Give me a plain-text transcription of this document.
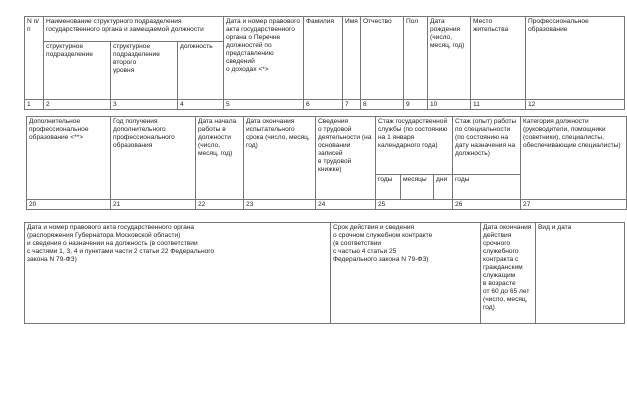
N п/п	Наименование структурного подразделения государственного органа и замещаемой должности			Дата и номер правового акта государственного органа о Перечне должностей по представлению сведений
о доходах <*>	Фамилия	Имя	Отчество	Пол	Дата рождения (число, месяц, год)	Место жительства	Профессиональное образование
	структурное подразделение	структурное подразделение второго
уровня	должность								
1	2	3	4	5	6	7	8	9	10	11	12
Дополнительное профессиональное образование <**>	Год получения дополнительного профессионального образования	Дата начала работы в должности (число, месяц, год)	Дата окончания испытательного срока (число, месяц, год)	Сведения
о трудовой деятельности (на основании записей
в трудовой книжке)	Стаж государственной службы (по состоянию на 1 января календарного года)			Стаж (опыт) работы по специальности (по состоянию на дату назначения на должность)	Категория должности (руководители, помощники (советники), специалисты, обеспечивающие специалисты)
					годы	месяцы	дни	годы	
20	21	22	23	24	25			26	27
Дата и номер правового акта государственного органа
(распоряжения Губернатора Московской области)
и сведения о назначении на должность (в соответствии
с частями 1, 3, 4 и пунктами части 2 статьи 22 Федерального
закона N 79-ФЗ)	Срок действия и сведения
о срочном служебном контракте
(в соответствии
с частью 4 статьи 25
Федерального закона N 79-ФЗ)	Дата окончания действия срочного служебного контракта с гражданским служащим
в возрасте
от 60 до 65 лет (число, месяц, год)	Вид и дата
